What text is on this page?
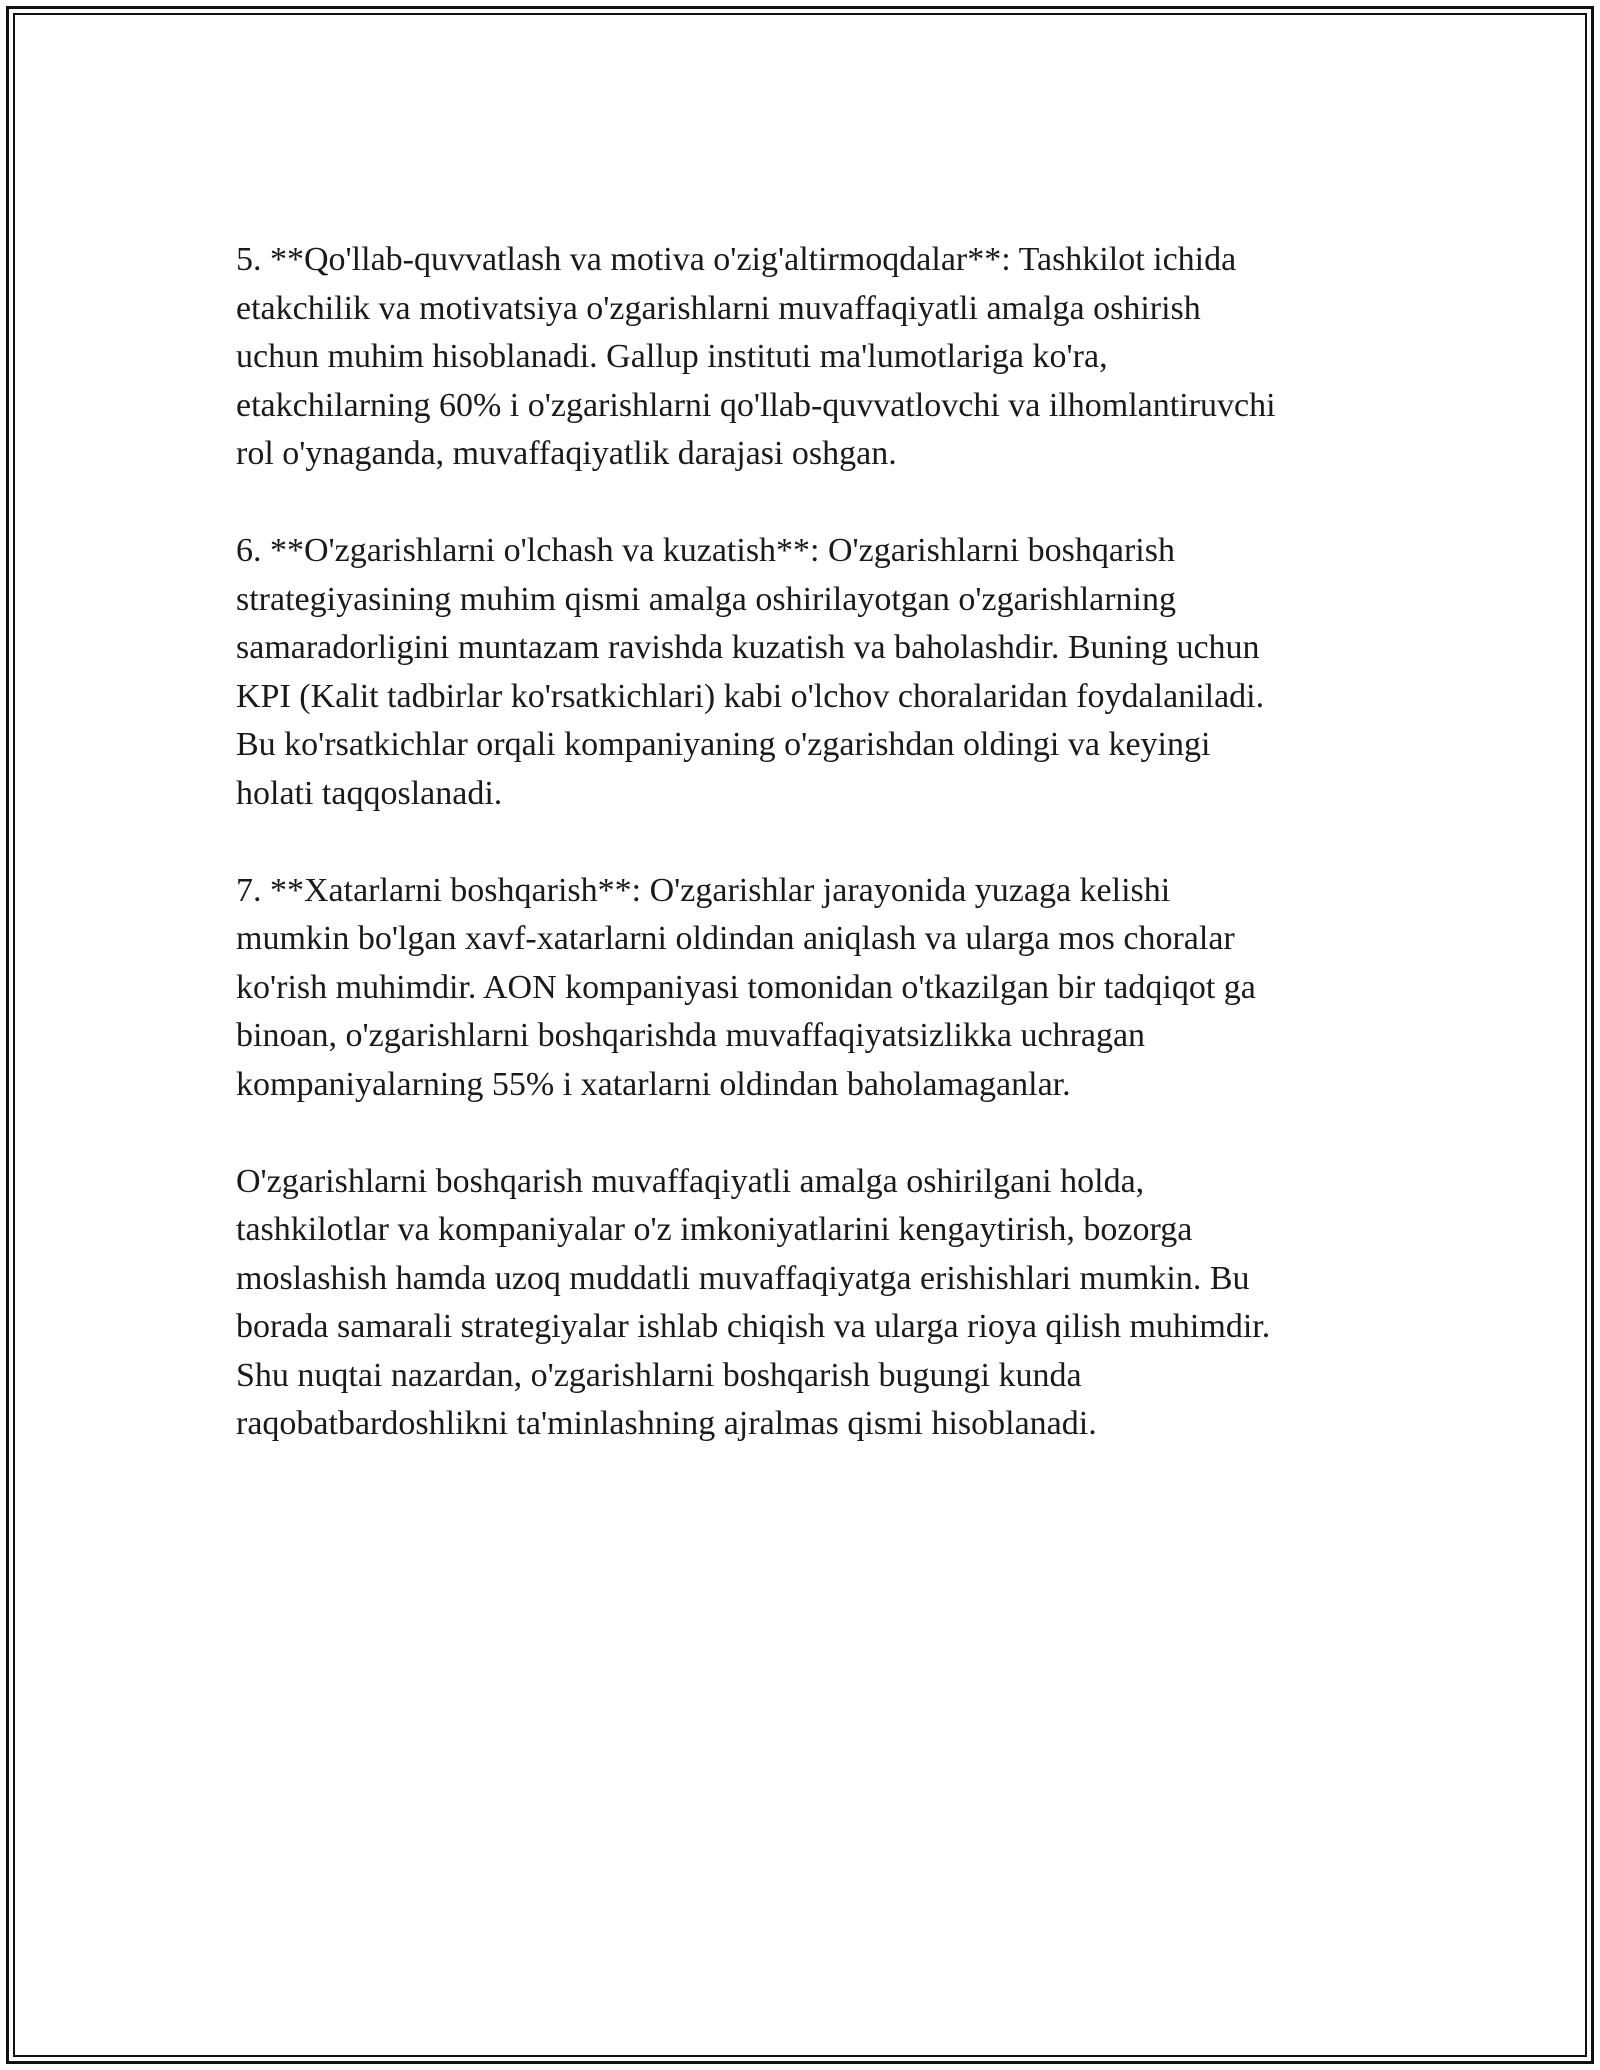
5. **Qo'llab-quvvatlash va motiva o'zig'altirmoqdalar**: Tashkilot ichida
etakchilik va motivatsiya o'zgarishlarni muvaffaqiyatli amalga oshirish
uchun muhim hisoblanadi. Gallup instituti ma'lumotlariga ko'ra,
etakchilarning 60% i o'zgarishlarni qo'llab-quvvatlovchi va ilhomlantiruvchi
rol o'ynaganda, muvaffaqiyatlik darajasi oshgan.

6. **O'zgarishlarni o'lchash va kuzatish**: O'zgarishlarni boshqarish
strategiyasining muhim qismi amalga oshirilayotgan o'zgarishlarning
samaradorligini muntazam ravishda kuzatish va baholashdir. Buning uchun
KPI (Kalit tadbirlar ko'rsatkichlari) kabi o'lchov choralaridan foydalaniladi.
Bu ko'rsatkichlar orqali kompaniyaning o'zgarishdan oldingi va keyingi
holati taqqoslanadi.

7. **Xatarlarni boshqarish**: O'zgarishlar jarayonida yuzaga kelishi
mumkin bo'lgan xavf-xatarlarni oldindan aniqlash va ularga mos choralar
ko'rish muhimdir. AON kompaniyasi tomonidan o'tkazilgan bir tadqiqot ga
binoan, o'zgarishlarni boshqarishda muvaffaqiyatsizlikka uchragan
kompaniyalarning 55% i xatarlarni oldindan baholamaganlar.

O'zgarishlarni boshqarish muvaffaqiyatli amalga oshirilgani holda,
tashkilotlar va kompaniyalar o'z imkoniyatlarini kengaytirish, bozorga
moslashish hamda uzoq muddatli muvaffaqiyatga erishishlari mumkin. Bu
borada samarali strategiyalar ishlab chiqish va ularga rioya qilish muhimdir.
Shu nuqtai nazardan, o'zgarishlarni boshqarish bugungi kunda
raqobatbardoshlikni ta'minlashning ajralmas qismi hisoblanadi.
